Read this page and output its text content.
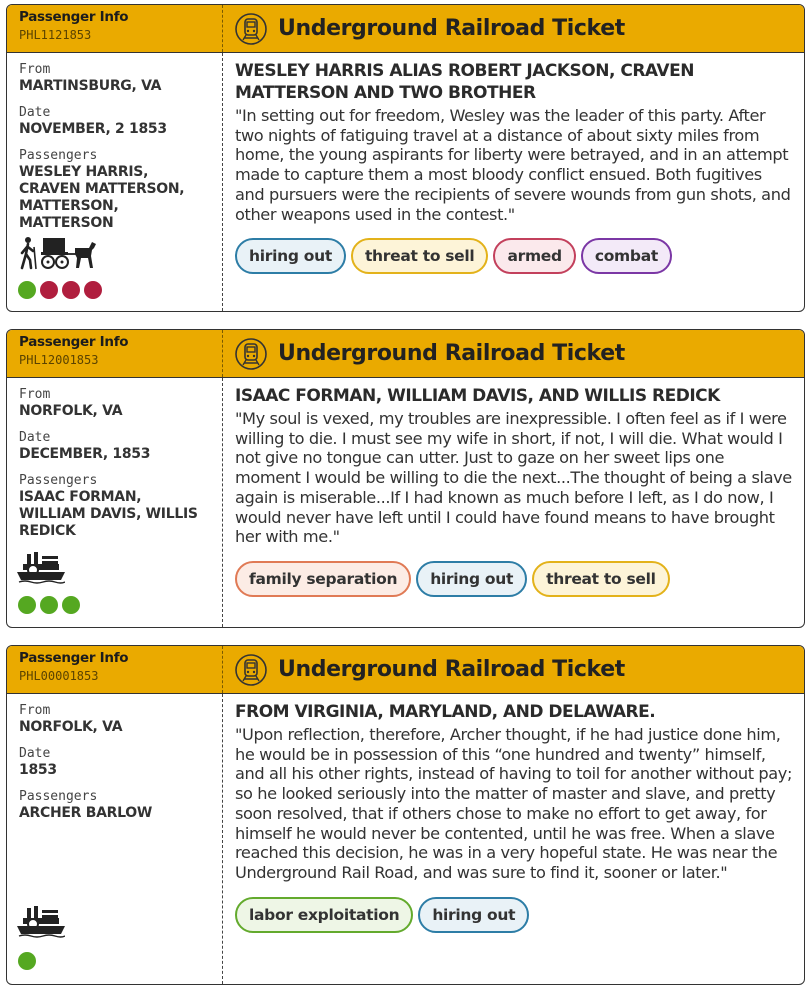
Passenger Info
PHL1121853	Underground Railroad Ticket
From
MARTINSBURG, VA
Date
NOVEMBER, 2 1853
Passengers
WESLEY HARRIS, CRAVEN MATTERSON, MATTERSON, MATTERSON
WESLEY HARRIS ALIAS ROBERT JACKSON, CRAVEN MATTERSON AND TWO BROTHER
"In setting out for freedom, Wesley was the leader of this party. After two nights of fatiguing travel at a distance of about sixty miles from home, the young aspirants for liberty were betrayed, and in an attempt made to capture them a most bloody conflict ensued. Both fugitives and pursuers were the recipients of severe wounds from gun shots, and other weapons used in the contest."
hiring out	threat to sell	armed	combat
Passenger Info
PHL12001853	Underground Railroad Ticket
From
NORFOLK, VA
Date
DECEMBER, 1853
Passengers
ISAAC FORMAN, WILLIAM DAVIS, WILLIS REDICK
ISAAC FORMAN, WILLIAM DAVIS, AND WILLIS REDICK
"My soul is vexed, my troubles are inexpressible. I often feel as if I were willing to die. I must see my wife in short, if not, I will die. What would I not give no tongue can utter. Just to gaze on her sweet lips one moment I would be willing to die the next...The thought of being a slave again is miserable...If I had known as much before I left, as I do now, I would never have left until I could have found means to have brought her with me."
family separation	hiring out	threat to sell
Passenger Info
PHL00001853	Underground Railroad Ticket
From
NORFOLK, VA
Date
1853
Passengers
ARCHER BARLOW
FROM VIRGINIA, MARYLAND, AND DELAWARE.
"Upon reflection, therefore, Archer thought, if he had justice done him, he would be in possession of this “one hundred and twenty” himself, and all his other rights, instead of having to toil for another without pay; so he looked seriously into the matter of master and slave, and pretty soon resolved, that if others chose to make no effort to get away, for himself he would never be contented, until he was free. When a slave reached this decision, he was in a very hopeful state. He was near the Underground Rail Road, and was sure to find it, sooner or later."
labor exploitation	hiring out
